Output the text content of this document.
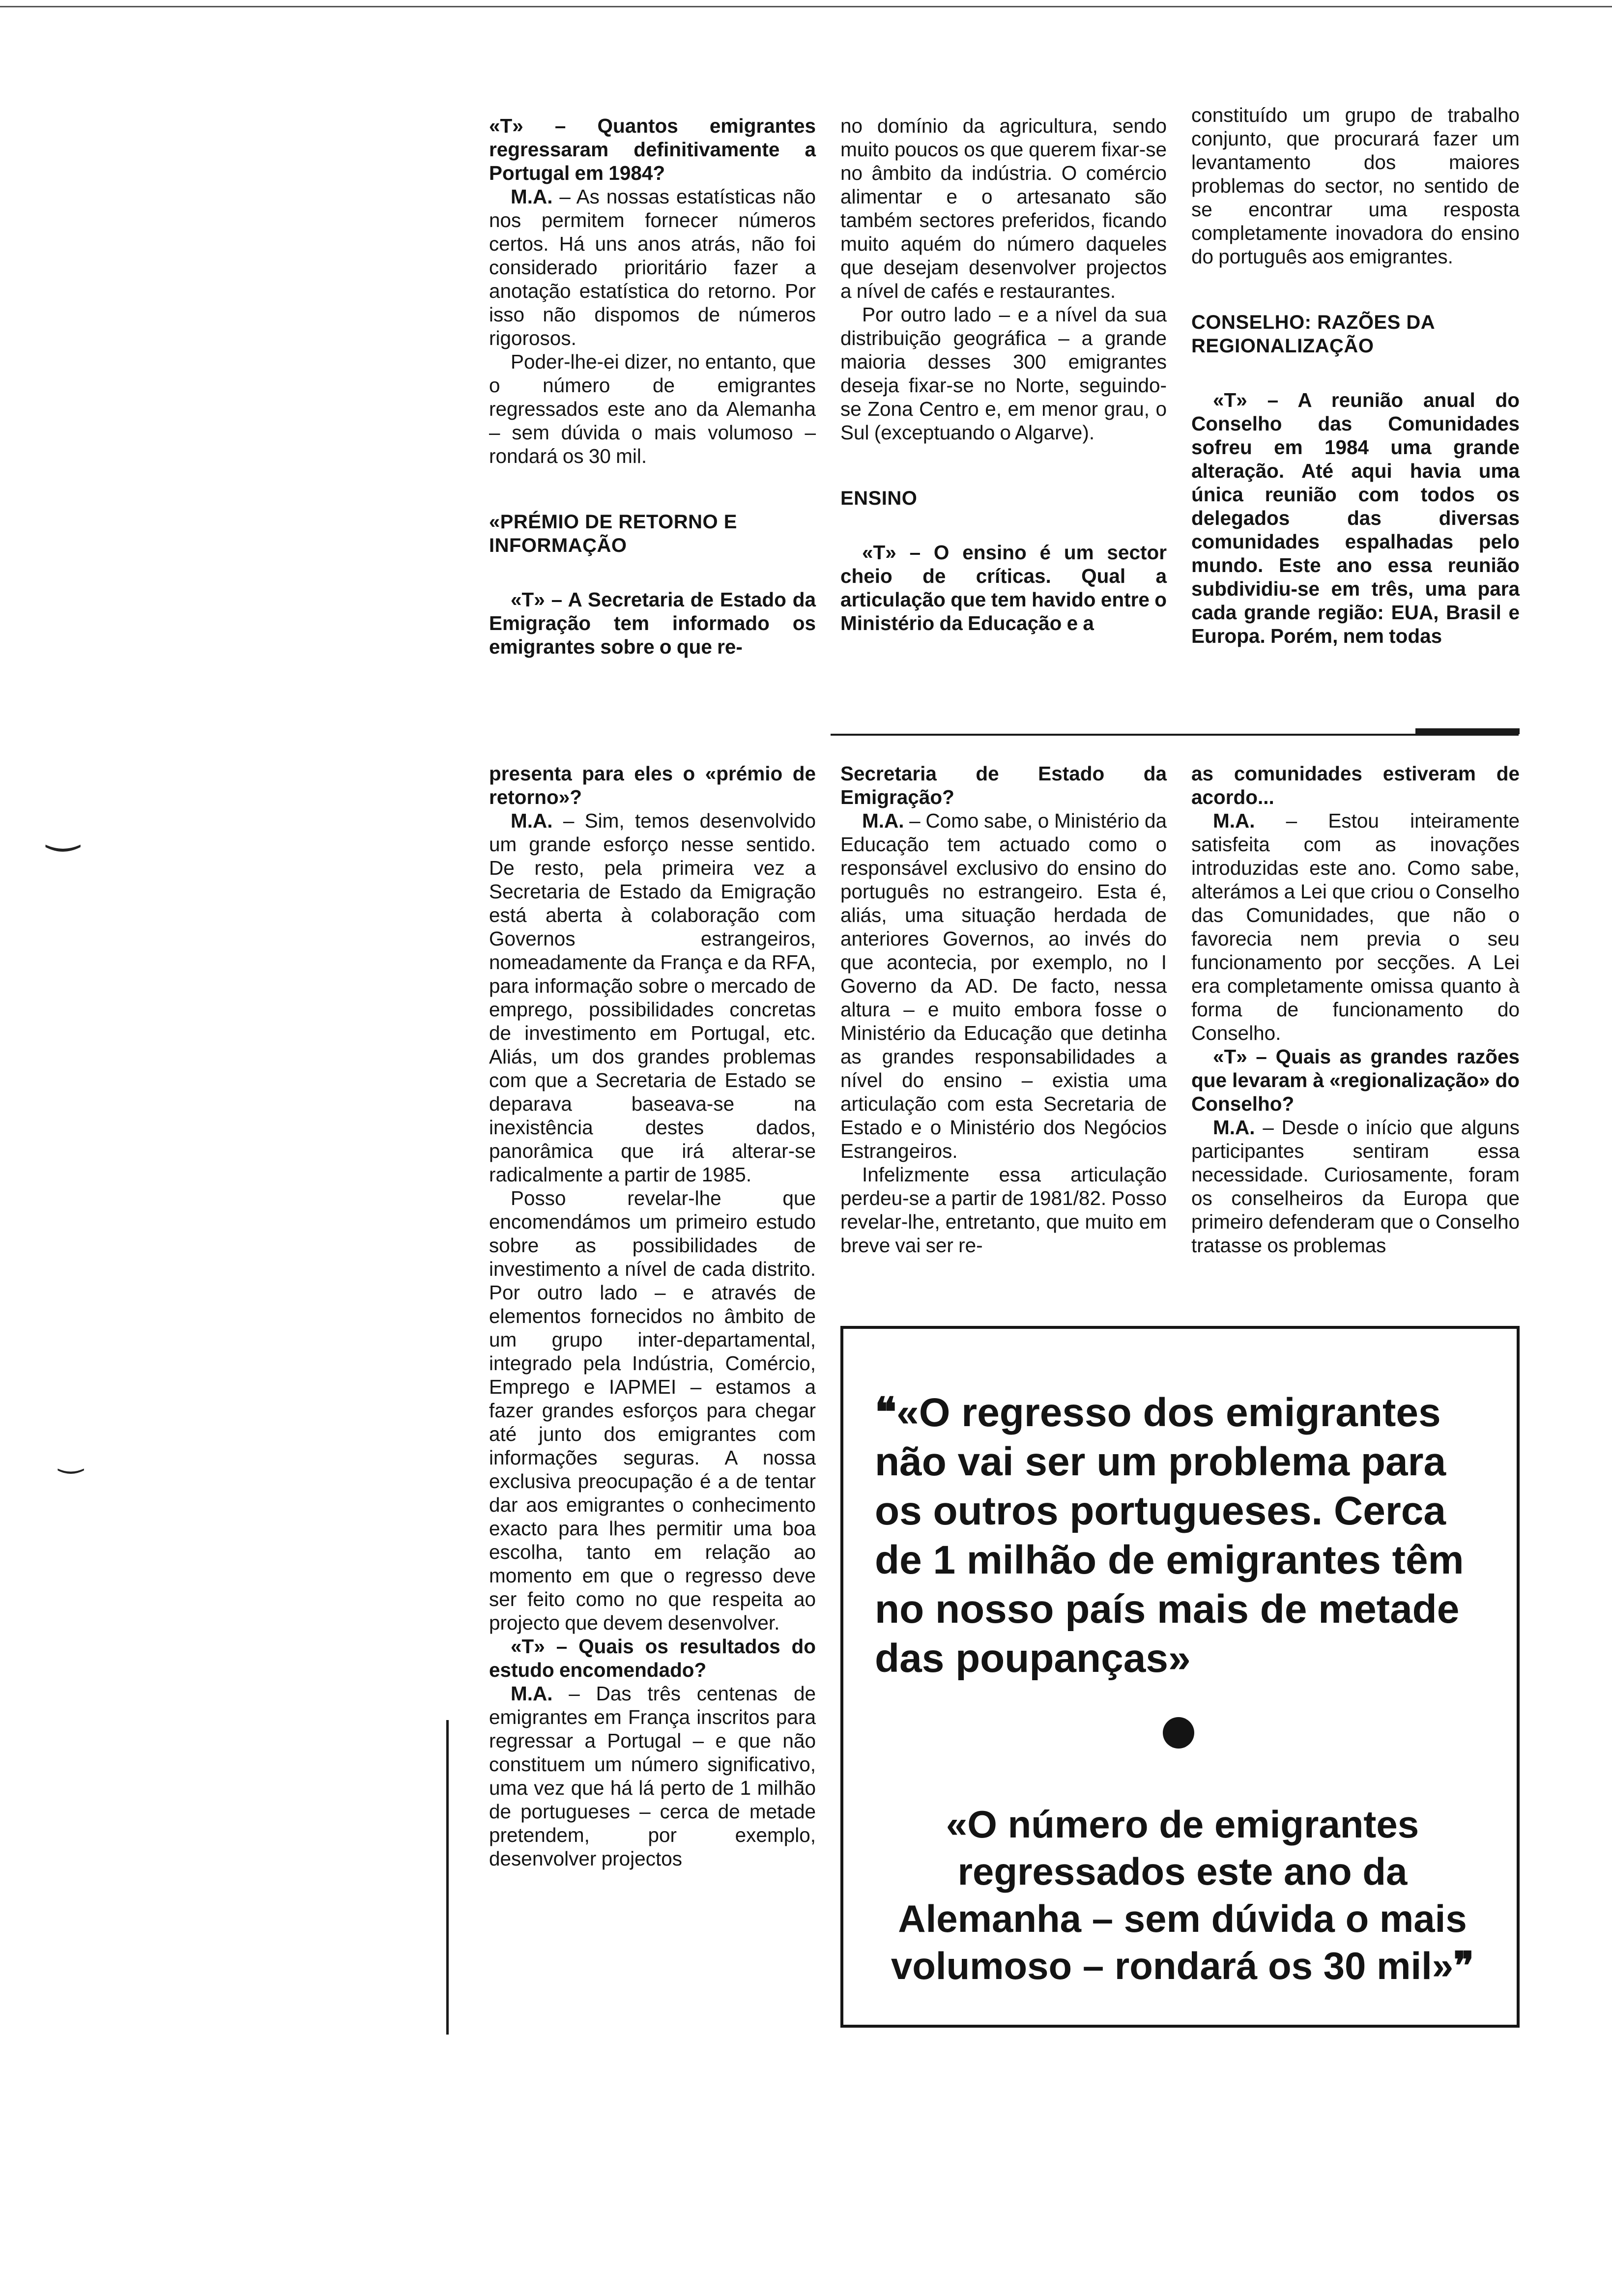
«T» – Quantos emigrantes regressaram definitivamente a Portugal em 1984?

M.A. – As nossas estatísticas não nos permitem fornecer números certos. Há uns anos atrás, não foi considerado prioritário fazer a anotação estatística do retorno. Por isso não dispomos de números rigorosos.

Poder-lhe-ei dizer, no entanto, que o número de emigrantes regressados este ano da Alemanha – sem dúvida o mais volumoso – rondará os 30 mil.

«PRÉMIO DE RETORNO E INFORMAÇÃO

«T» – A Secretaria de Estado da Emigração tem informado os emigrantes sobre o que re-

no domínio da agricultura, sendo muito poucos os que querem fixar-se no âmbito da indústria. O comércio alimentar e o artesanato são também sectores preferidos, ficando muito aquém do número daqueles que desejam desenvolver projectos a nível de cafés e restaurantes.

Por outro lado – e a nível da sua distribuição geográfica – a grande maioria desses 300 emigrantes deseja fixar-se no Norte, seguindo-se Zona Centro e, em menor grau, o Sul (exceptuando o Algarve).

ENSINO

«T» – O ensino é um sector cheio de críticas. Qual a articulação que tem havido entre o Ministério da Educação e a

constituído um grupo de trabalho conjunto, que procurará fazer um levantamento dos maiores problemas do sector, no sentido de se encontrar uma resposta completamente inovadora do ensino do português aos emigrantes.

CONSELHO: RAZÕES DA REGIONALIZAÇÃO

«T» – A reunião anual do Conselho das Comunidades sofreu em 1984 uma grande alteração. Até aqui havia uma única reunião com todos os delegados das diversas comunidades espalhadas pelo mundo. Este ano essa reunião subdividiu-se em três, uma para cada grande região: EUA, Brasil e Europa. Porém, nem todas

presenta para eles o «prémio de retorno»?

M.A. – Sim, temos desenvolvido um grande esforço nesse sentido. De resto, pela primeira vez a Secretaria de Estado da Emigração está aberta à colaboração com Governos estrangeiros, nomeadamente da França e da RFA, para informação sobre o mercado de emprego, possibilidades concretas de investimento em Portugal, etc. Aliás, um dos grandes problemas com que a Secretaria de Estado se deparava baseava-se na inexistência destes dados, panorâmica que irá alterar-se radicalmente a partir de 1985.

Posso revelar-lhe que encomendámos um primeiro estudo sobre as possibilidades de investimento a nível de cada distrito. Por outro lado – e através de elementos fornecidos no âmbito de um grupo inter-departamental, integrado pela Indústria, Comércio, Emprego e IAPMEI – estamos a fazer grandes esforços para chegar até junto dos emigrantes com informações seguras. A nossa exclusiva preocupação é a de tentar dar aos emigrantes o conhecimento exacto para lhes permitir uma boa escolha, tanto em relação ao momento em que o regresso deve ser feito como no que respeita ao projecto que devem desenvolver.

«T» – Quais os resultados do estudo encomendado?

M.A. – Das três centenas de emigrantes em França inscritos para regressar a Portugal – e que não constituem um número significativo, uma vez que há lá perto de 1 milhão de portugueses – cerca de metade pretendem, por exemplo, desenvolver projectos

Secretaria de Estado da Emigração?

M.A. – Como sabe, o Ministério da Educação tem actuado como o responsável exclusivo do ensino do português no estrangeiro. Esta é, aliás, uma situação herdada de anteriores Governos, ao invés do que acontecia, por exemplo, no I Governo da AD. De facto, nessa altura – e muito embora fosse o Ministério da Educação que detinha as grandes responsabilidades a nível do ensino – existia uma articulação com esta Secretaria de Estado e o Ministério dos Negócios Estrangeiros.

Infelizmente essa articulação perdeu-se a partir de 1981/82. Posso revelar-lhe, entretanto, que muito em breve vai ser re-

as comunidades estiveram de acordo...

M.A. – Estou inteiramente satisfeita com as inovações introduzidas este ano. Como sabe, alterámos a Lei que criou o Conselho das Comunidades, que não o favorecia nem previa o seu funcionamento por secções. A Lei era completamente omissa quanto à forma de funcionamento do Conselho.

«T» – Quais as grandes razões que levaram à «regionalização» do Conselho?

M.A. – Desde o início que alguns participantes sentiram essa necessidade. Curiosamente, foram os conselheiros da Europa que primeiro defenderam que o Conselho tratasse os problemas

❝«O regresso dos emigrantes não vai ser um problema para os outros portugueses. Cerca de 1 milhão de emigrantes têm no nosso país mais de metade das poupanças»
«O número de emigrantes regressados este ano da Alemanha – sem dúvida o mais volumoso – rondará os 30 mil»❞
‿
‿
